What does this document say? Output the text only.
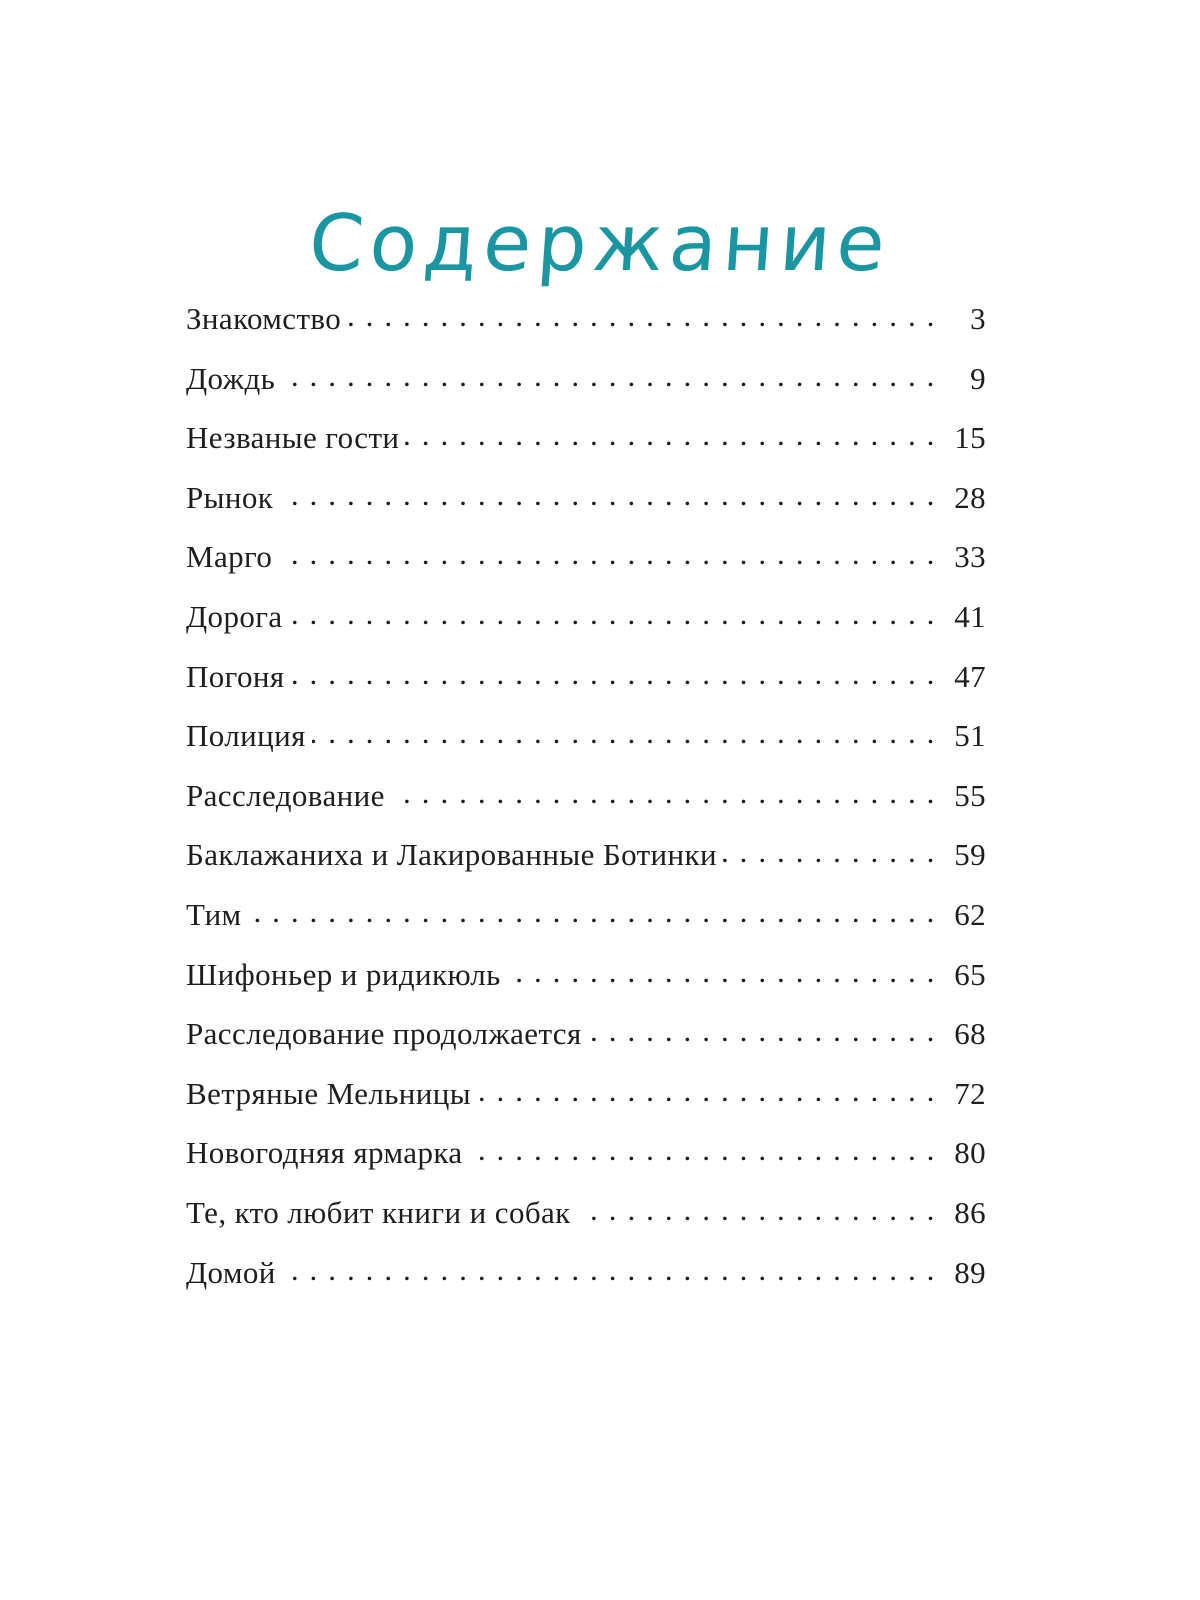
Содержание
Знакомство . . .	3
Дождь . . .	9
Незваные гости . . .	15
Рынок . . .	28
Марго . . .	33
Дорога . . .	41
Погоня . . .	47
Полиция . . .	51
Расследование . . .	55
Баклажаниха и Лакированные Ботинки . . .	59
Тим . . .	62
Шифоньер и ридикюль . . .	65
Расследование продолжается . . .	68
Ветряные Мельницы . . .	72
Новогодняя ярмарка . . .	80
Те, кто любит книги и собак . . .	86
Домой . . .	89
